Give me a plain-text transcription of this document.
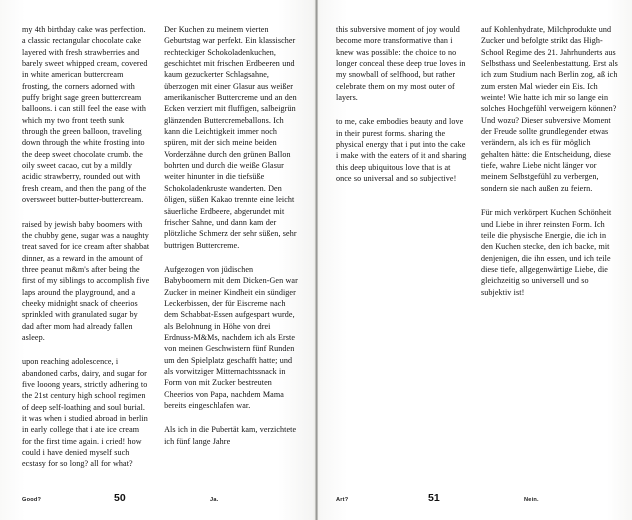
my 4th birthday cake was perfection. a classic rectangular chocolate cake layered with fresh strawberries and barely sweet whipped cream, covered in white american buttercream frosting, the corners adorned with puffy bright sage green buttercream balloons. i can still feel the ease with which my two front teeth sunk through the green balloon, traveling down through the white frosting into the deep sweet chocolate crumb. the oily sweet cacao, cut by a mildly acidic strawberry, rounded out with fresh cream, and then the pang of the oversweet butter-butter-buttercream.

raised by jewish baby boomers with the chubby gene, sugar was a naughty treat saved for ice cream after shabbat dinner, as a reward in the amount of three peanut m&m's after being the first of my siblings to accomplish five laps around the playground, and a cheeky midnight snack of cheerios sprinkled with granulated sugar by dad after mom had already fallen asleep.

upon reaching adolescence, i abandoned carbs, dairy, and sugar for five looong years, strictly adhering to the 21st century high school regimen of deep self-loathing and soul burial. it was when i studied abroad in berlin in early college that i ate ice cream for the first time again. i cried! how could i have denied myself such ecstasy for so long? all for what?

Der Kuchen zu meinem vierten Geburtstag war perfekt. Ein klassischer rechteckiger Schokoladenkuchen, geschichtet mit frischen Erdbeeren und kaum gezuckerter Schlagsahne, überzogen mit einer Glasur aus weißer amerikanischer Buttercreme und an den Ecken verziert mit fluffigen, salbeigrün glänzenden Buttercremeballons. Ich kann die Leichtigkeit immer noch spüren, mit der sich meine beiden Vorderzähne durch den grünen Ballon bohrten und durch die weiße Glasur weiter hinunter in die tiefsüße Schokoladenkruste wanderten. Den öligen, süßen Kakao trennte eine leicht säuerliche Erdbeere, abgerundet mit frischer Sahne, und dann kam der plötzliche Schmerz der sehr süßen, sehr buttrigen Buttercreme.

Aufgezogen von jüdischen Babyboomern mit dem Dicken-Gen war Zucker in meiner Kindheit ein sündiger Leckerbissen, der für Eiscreme nach dem Schabbat-Essen aufgespart wurde, als Belohnung in Höhe von drei Erdnuss-M&Ms, nachdem ich als Erste von meinen Geschwistern fünf Runden um den Spielplatz geschafft hatte; und als vorwitziger Mitternachtssnack in Form von mit Zucker bestreuten Cheerios von Papa, nachdem Mama bereits eingeschlafen war.

Als ich in die Pubertät kam, verzichtete ich fünf lange Jahre

Good?	50	Ja.

this subversive moment of joy would become more transformative than i knew was possible: the choice to no longer conceal these deep true loves in my snowball of selfhood, but rather celebrate them on my most outer of layers.

to me, cake embodies beauty and love in their purest forms. sharing the physical energy that i put into the cake i make with the eaters of it and sharing this deep ubiquitous love that is at once so universal and so subjective!

auf Kohlenhydrate, Milchprodukte und Zucker und befolgte strikt das High-School Regime des 21. Jahrhunderts aus Selbsthass und Seelenbestattung. Erst als ich zum Studium nach Berlin zog, aß ich zum ersten Mal wieder ein Eis. Ich weinte! Wie hatte ich mir so lange ein solches Hochgefühl verweigern können? Und wozu? Dieser subversive Moment der Freude sollte grundlegender etwas verändern, als ich es für möglich gehalten hätte: die Entscheidung, diese tiefe, wahre Liebe nicht länger vor meinem Selbstgefühl zu verbergen, sondern sie nach außen zu feiern.

Für mich verkörpert Kuchen Schönheit und Liebe in ihrer reinsten Form. Ich teile die physische Energie, die ich in den Kuchen stecke, den ich backe, mit denjenigen, die ihn essen, und ich teile diese tiefe, allgegenwärtige Liebe, die gleichzeitig so universell und so subjektiv ist!

Art?	51	Nein.
